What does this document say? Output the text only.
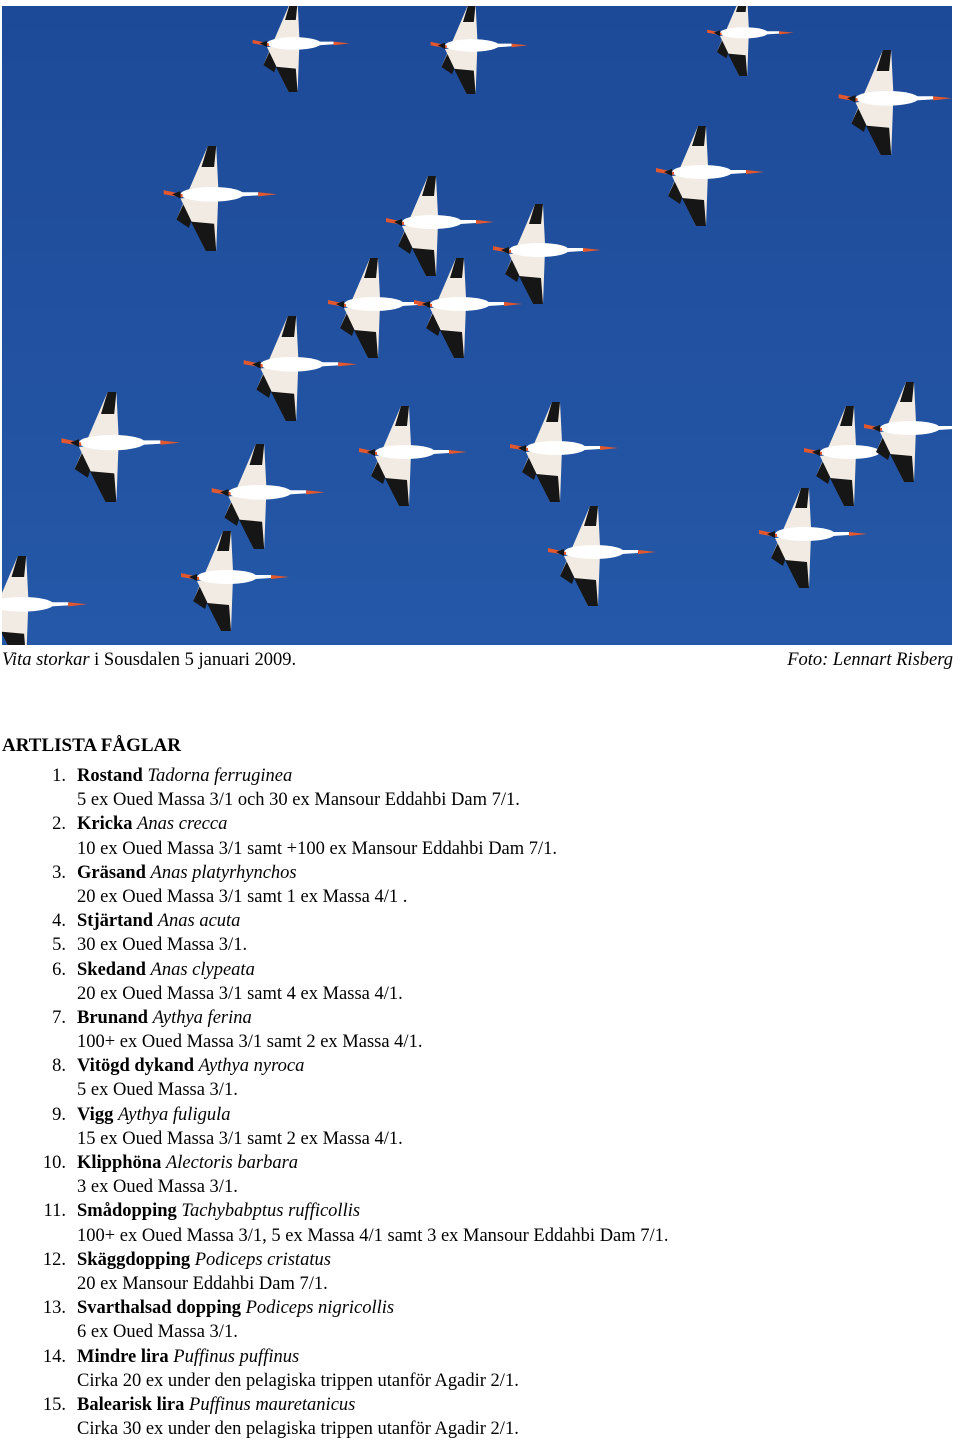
Vita storkar i Sousdalen 5 januari 2009.	Foto: Lennart Risberg
ARTLISTA FÅGLAR
1. Rostand Tadorna ferruginea
5 ex Oued Massa 3/1 och 30 ex Mansour Eddahbi Dam 7/1.
2. Kricka Anas crecca
10 ex Oued Massa 3/1 samt +100 ex Mansour Eddahbi Dam 7/1.
3. Gräsand Anas platyrhynchos
20 ex Oued Massa 3/1 samt 1 ex Massa 4/1 .
4. Stjärtand Anas acuta
5. 30 ex Oued Massa 3/1.
6. Skedand Anas clypeata
20 ex Oued Massa 3/1 samt 4 ex Massa 4/1.
7. Brunand Aythya ferina
100+ ex Oued Massa 3/1 samt 2 ex Massa 4/1.
8. Vitögd dykand Aythya nyroca
5 ex Oued Massa 3/1.
9. Vigg Aythya fuligula
15 ex Oued Massa 3/1 samt 2 ex Massa 4/1.
10. Klipphöna Alectoris barbara
3 ex Oued Massa 3/1.
11. Smådopping Tachybabptus rufficollis
100+ ex Oued Massa 3/1, 5 ex Massa 4/1 samt 3 ex Mansour Eddahbi Dam 7/1.
12. Skäggdopping Podiceps cristatus
20 ex Mansour Eddahbi Dam 7/1.
13. Svarthalsad dopping Podiceps nigricollis
6 ex Oued Massa 3/1.
14. Mindre lira Puffinus puffinus
Cirka 20 ex under den pelagiska trippen utanför Agadir 2/1.
15. Balearisk lira Puffinus mauretanicus
Cirka 30 ex under den pelagiska trippen utanför Agadir 2/1.
